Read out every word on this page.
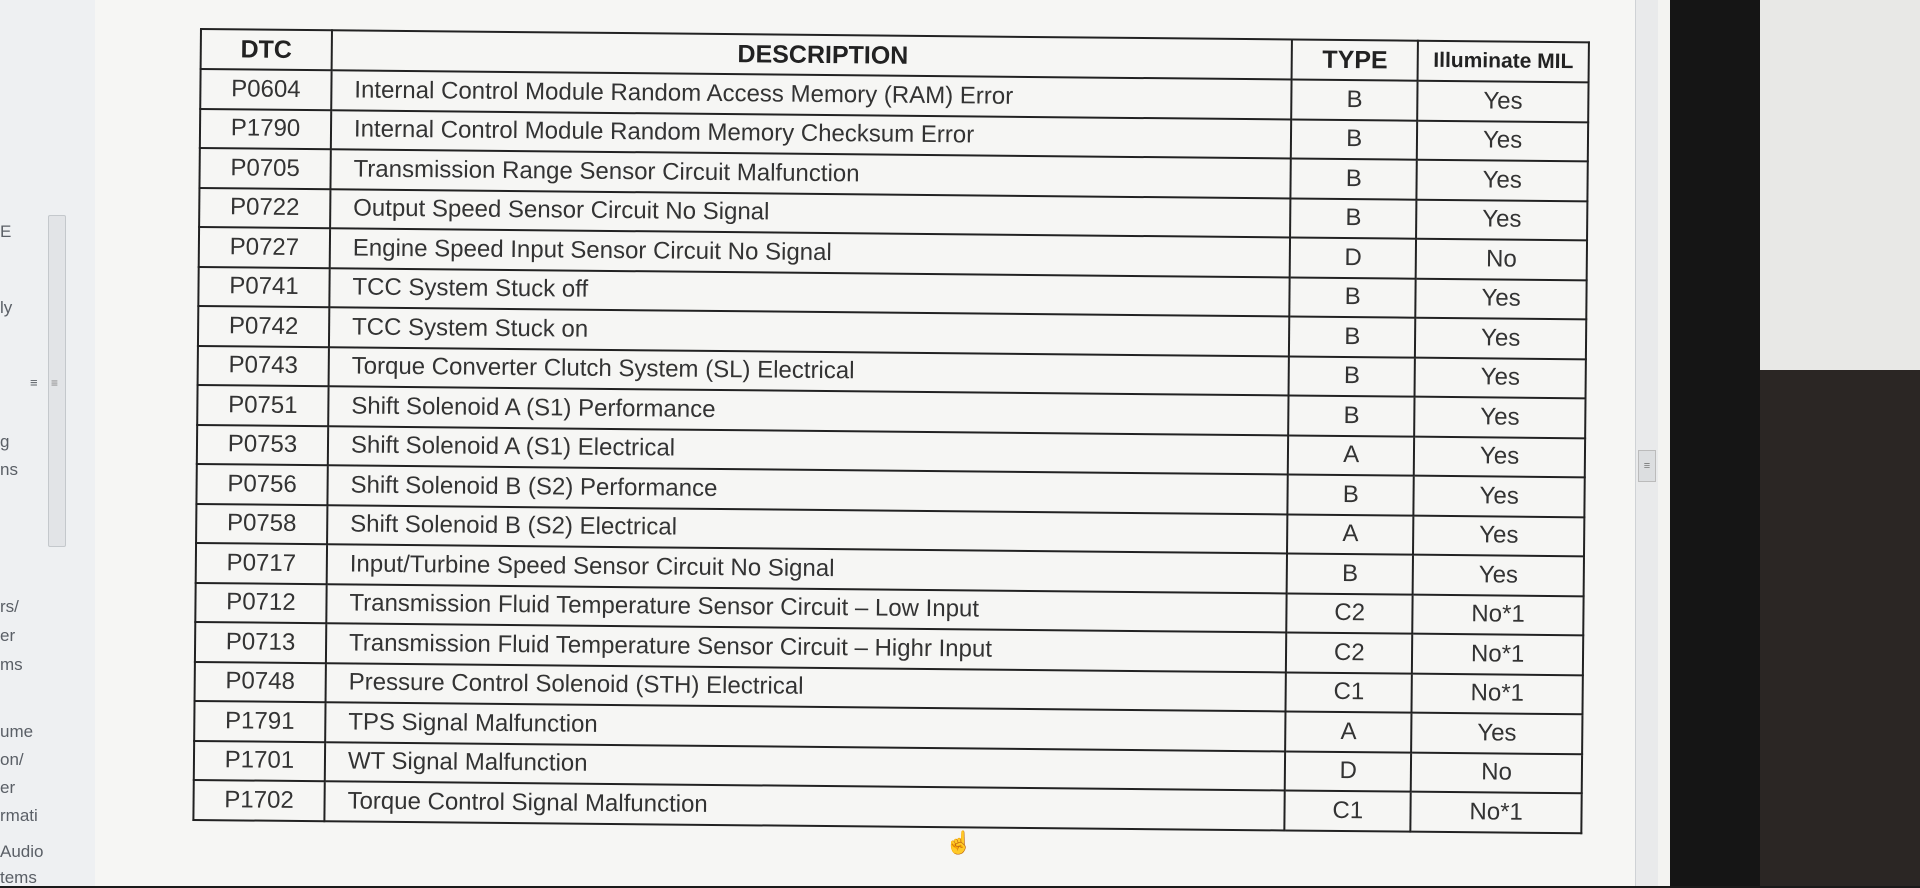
E
ly
≡
g
ns
rs/
er
ms
ume
on/
er
rmati
Audio
tems
≡
≡
DTC	DESCRIPTION	TYPE	Illuminate MIL
P0604	Internal Control Module Random Access Memory (RAM) Error	B	Yes
P1790	Internal Control Module Random Memory Checksum Error	B	Yes
P0705	Transmission Range Sensor Circuit Malfunction	B	Yes
P0722	Output Speed Sensor Circuit No Signal	B	Yes
P0727	Engine Speed Input Sensor Circuit No Signal	D	No
P0741	TCC System Stuck off	B	Yes
P0742	TCC System Stuck on	B	Yes
P0743	Torque Converter Clutch System (SL) Electrical	B	Yes
P0751	Shift Solenoid A (S1) Performance	B	Yes
P0753	Shift Solenoid A (S1) Electrical	A	Yes
P0756	Shift Solenoid B (S2) Performance	B	Yes
P0758	Shift Solenoid B (S2) Electrical	A	Yes
P0717	Input/Turbine Speed Sensor Circuit No Signal	B	Yes
P0712	Transmission Fluid Temperature Sensor Circuit – Low Input	C2	No*1
P0713	Transmission Fluid Temperature Sensor Circuit – Highr Input	C2	No*1
P0748	Pressure Control Solenoid (STH) Electrical	C1	No*1
P1791	TPS Signal Malfunction	A	Yes
P1701	WT Signal Malfunction	D	No
P1702	Torque Control Signal Malfunction	C1	No*1
☝
